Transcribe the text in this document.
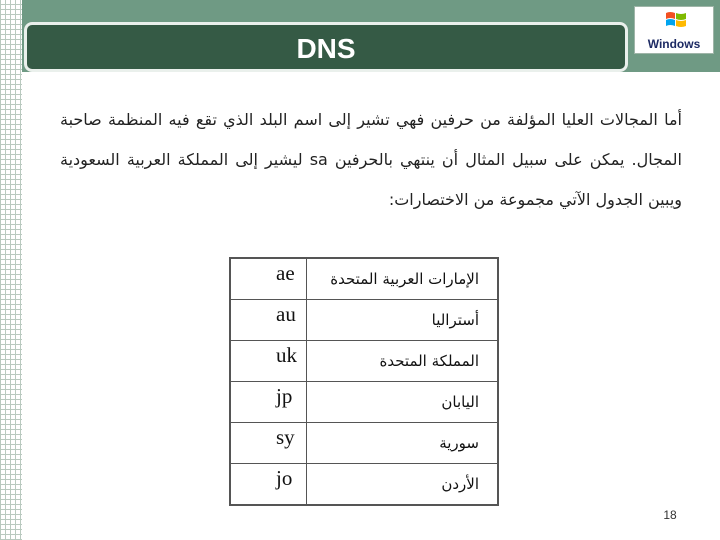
DNS	Windows
أما المجالات العليا المؤلفة من حرفين فهي تشير إلى اسم البلد الذي تقع فيه المنظمة صاحبة المجال. يمكن على سبيل المثال أن ينتهي بالحرفين sa ليشير إلى المملكة العربية السعودية ويبين الجدول الآتي مجموعة من الاختصارات:
ae	الإمارات العربية المتحدة
au	أستراليا
uk	المملكة المتحدة
jp	اليابان
sy	سورية
jo	الأردن
18
